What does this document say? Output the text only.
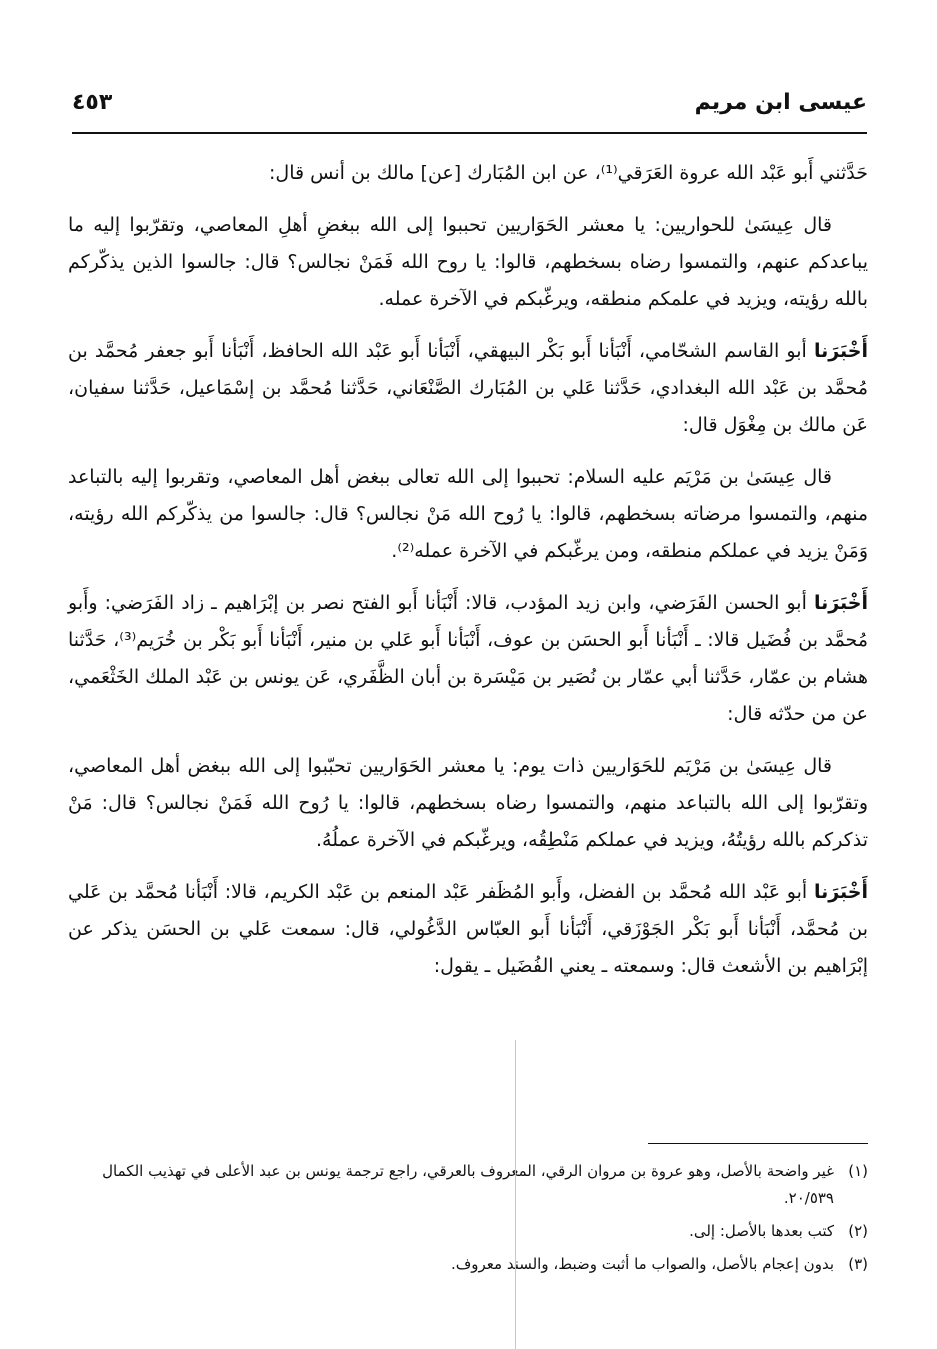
٤٥٣	عيسى ابن مريم

حَدَّثني أَبو عَبْد الله عروة العَرَقي⁽¹⁾، عن ابن المُبَارك [عن] مالك بن أنس قال:

قال عِيسَىٰ للحواريين: يا معشر الحَوَاريين تحببوا إلى الله ببغضِ أهلِ المعاصي، وتقرّبوا إليه ما يباعدكم عنهم، والتمسوا رضاه بسخطهم، قالوا: يا روح الله فَمَنْ نجالس؟ قال: جالسوا الذين يذكّركم بالله رؤيته، ويزيد في علمكم منطقه، ويرغّبكم في الآخرة عمله.

أَخْبَرَنا أبو القاسم الشحّامي، أَنْبَأنا أَبو بَكْر البيهقي، أَنْبَأنا أَبو عَبْد الله الحافظ، أَنْبَأنا أَبو جعفر مُحمَّد بن مُحمَّد بن عَبْد الله البغدادي، حَدَّثنا عَلي بن المُبَارك الصَّنْعَاني، حَدَّثنا مُحمَّد بن إسْمَاعيل، حَدَّثنا سفيان، عَن مالك بن مِغْوَل قال:

قال عِيسَىٰ بن مَرْيَم عليه السلام: تحببوا إلى الله تعالى ببغض أهل المعاصي، وتقربوا إليه بالتباعد منهم، والتمسوا مرضاته بسخطهم، قالوا: يا رُوح الله مَنْ نجالس؟ قال: جالسوا من يذكّركم الله رؤيته، وَمَنْ يزيد في عملكم منطقه، ومن يرغّبكم في الآخرة عمله⁽²⁾.

أَخْبَرَنا أبو الحسن الفَرَضي، وابن زيد المؤدب، قالا: أَنْبَأنا أَبو الفتح نصر بن إبْرَاهيم ـ زاد الفَرَضي: وأَبو مُحمَّد بن فُضَيل قالا: ـ أَنْبَأنا أَبو الحسَن بن عوف، أَنْبَأنا أَبو عَلي بن منير، أَنْبَأنا أَبو بَكْر بن خُرَيم⁽³⁾، حَدَّثنا هشام بن عمّار، حَدَّثنا أبي عمّار بن نُصَير بن مَيْسَرة بن أبان الظَّفَري، عَن يونس بن عَبْد الملك الخَثْعَمي، عن من حدّثه قال:

قال عِيسَىٰ بن مَرْيَم للحَوَاريين ذات يوم: يا معشر الحَوَاريين تحبّبوا إلى الله ببغض أهل المعاصي، وتقرّبوا إلى الله بالتباعد منهم، والتمسوا رضاه بسخطهم، قالوا: يا رُوح الله فَمَنْ نجالس؟ قال: مَنْ تذكركم بالله رؤيتُهُ، ويزيد في عملكم مَنْطِقُه، ويرغّبكم في الآخرة عملُهُ.

أَخْبَرَنا أبو عَبْد الله مُحمَّد بن الفضل، وأَبو المُظَفر عَبْد المنعم بن عَبْد الكريم، قالا: أَنْبَأنا مُحمَّد بن عَلي بن مُحمَّد، أَنْبَأنا أَبو بَكْر الجَوْزَقي، أَنْبَأنا أَبو العبّاس الدَّغُولي، قال: سمعت عَلي بن الحسَن يذكر عن إبْرَاهيم بن الأشعث قال: وسمعته ـ يعني الفُضَيل ـ يقول:

(١)
غير واضحة بالأصل، وهو عروة بن مروان الرقي، المعروف بالعرقي، راجع ترجمة يونس بن عبد الأعلى في تهذيب الكمال ٢٠/٥٣٩.
(٢)
كتب بعدها بالأصل: إلى.
(٣)
بدون إعجام بالأصل، والصواب ما أثبت وضبط، والسند معروف.
